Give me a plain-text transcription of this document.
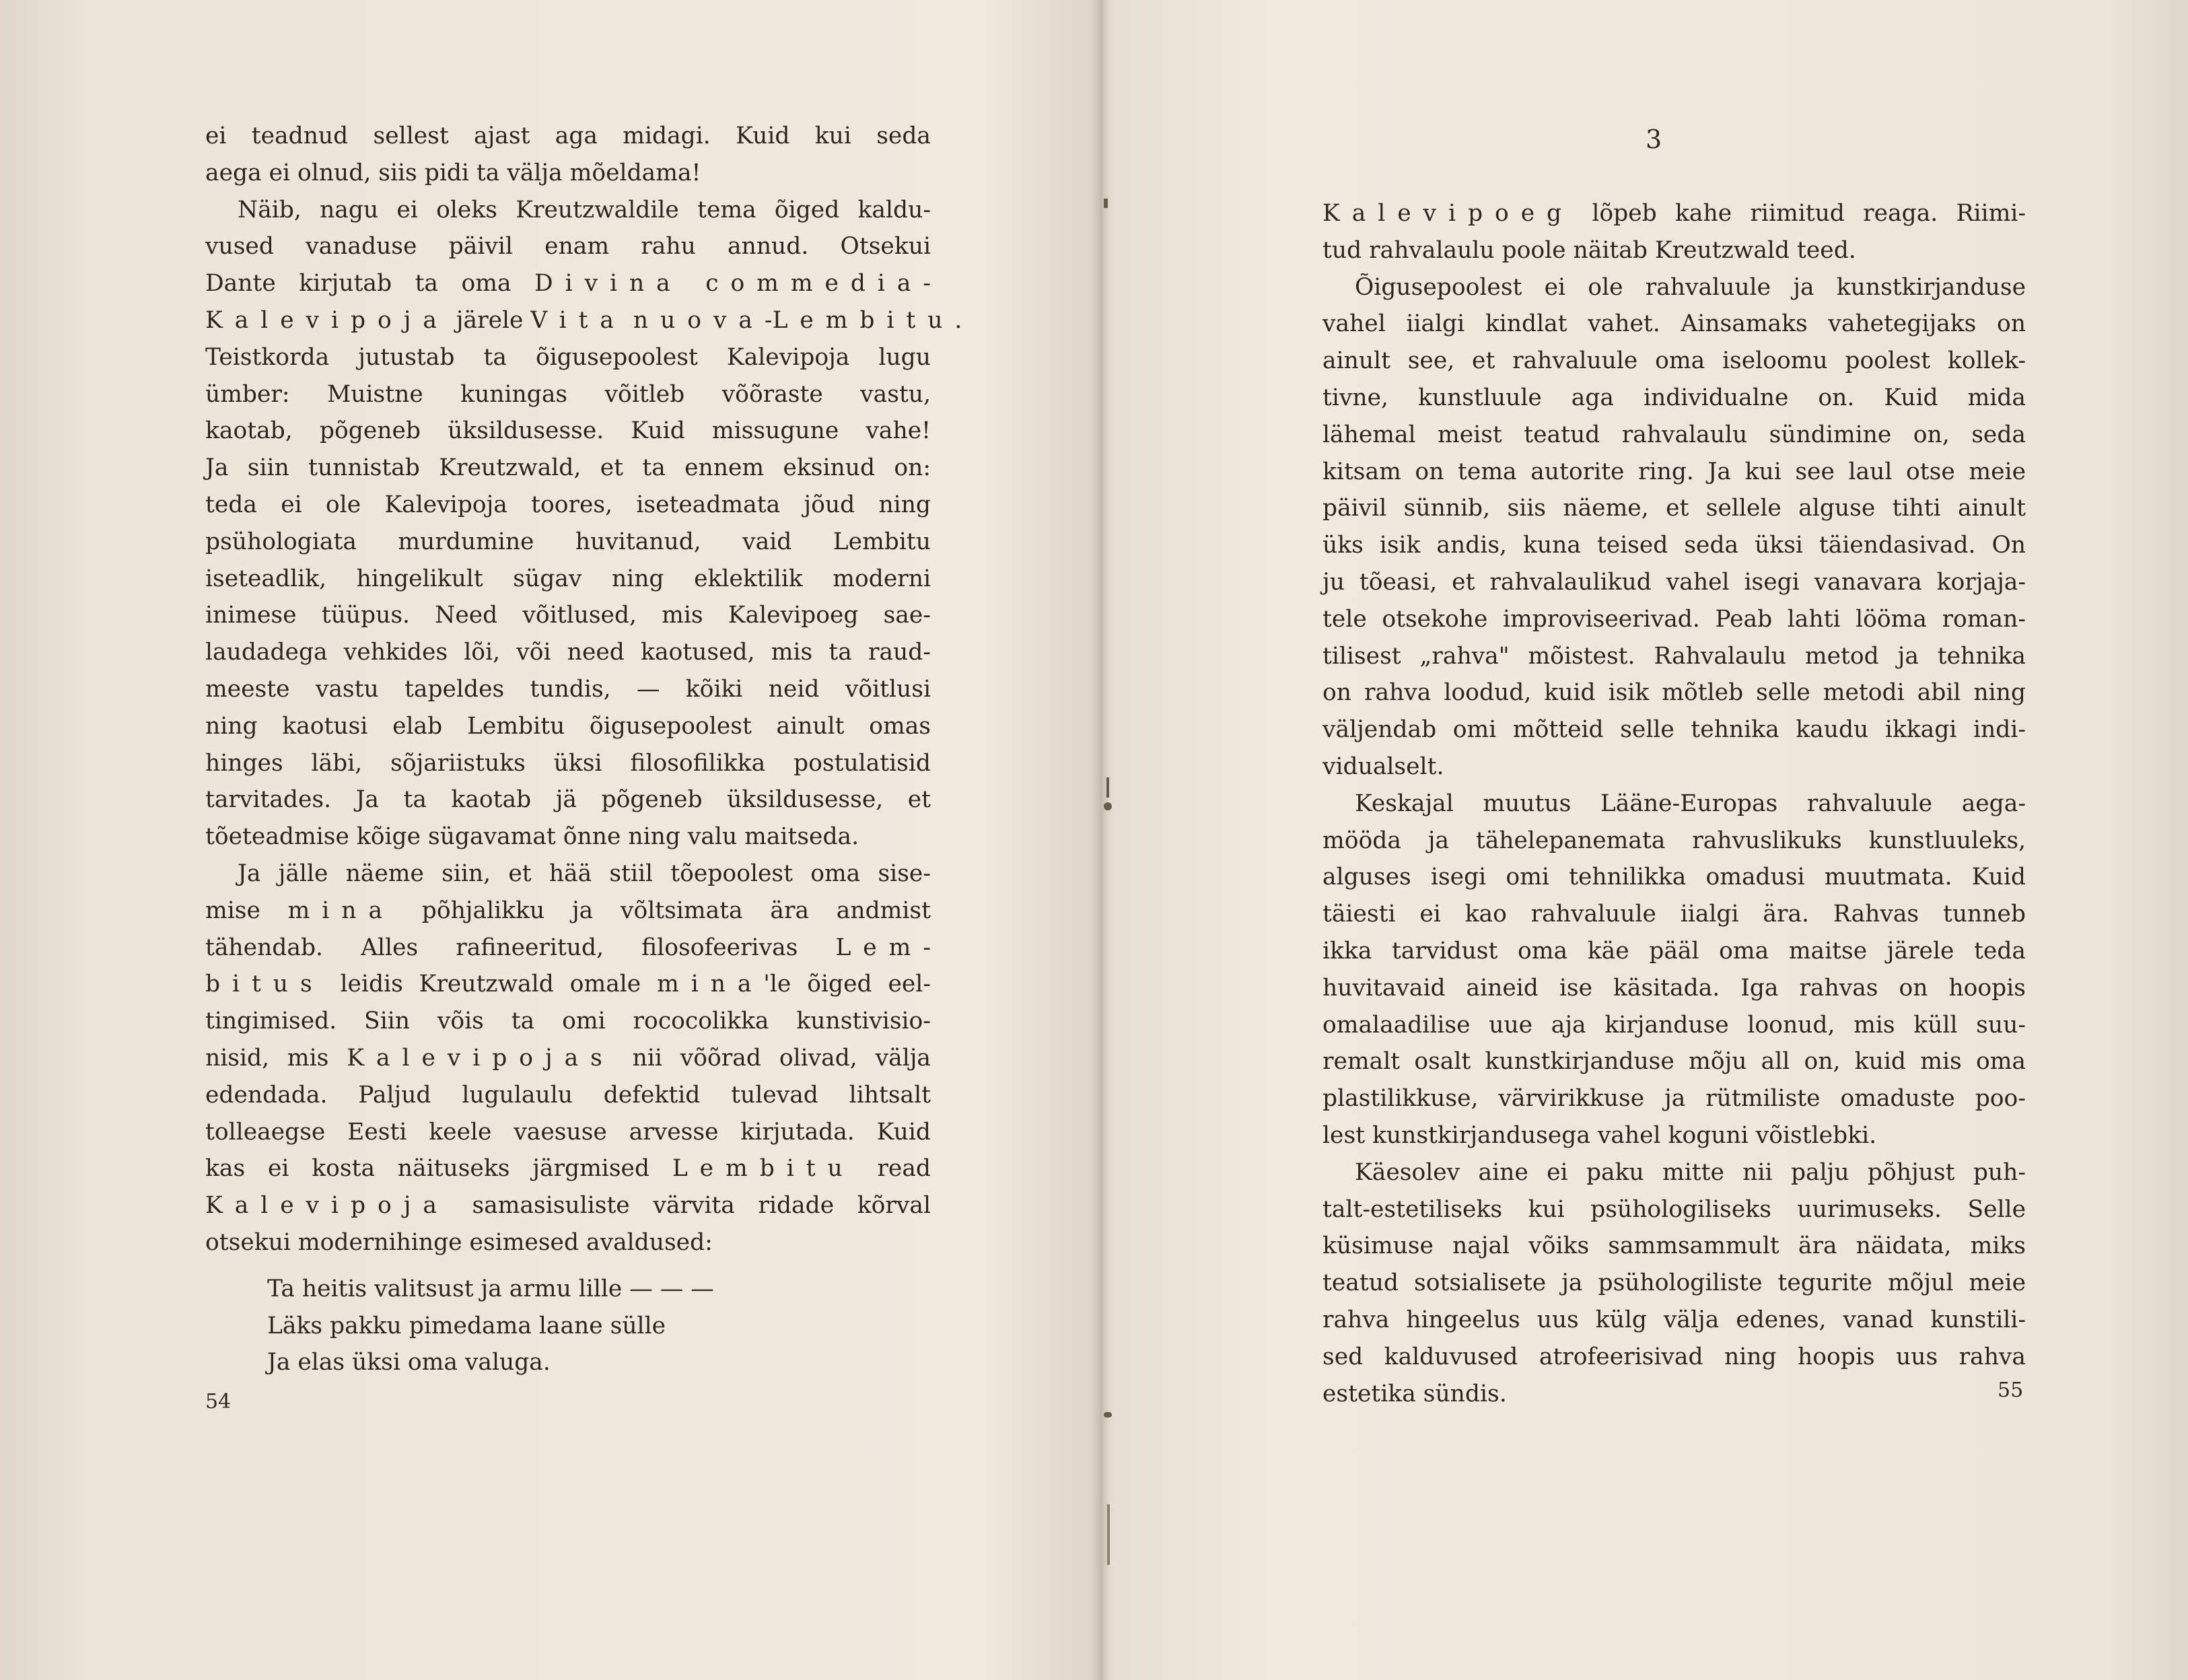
ei teadnud sellest ajast aga midagi. Kuid kui seda
aega ei olnud, siis pidi ta välja mõeldama!
Näib, nagu ei oleks Kreutzwaldile tema õiged kaldu-
vused vanaduse päivil enam rahu annud. Otsekui
Dante kirjutab ta oma Divina commedia-
Kalevipoja järele Vita nuova-Lembitu.
Teistkorda jutustab ta õigusepoolest Kalevipoja lugu
ümber: Muistne kuningas võitleb võõraste vastu,
kaotab, põgeneb üksildusesse. Kuid missugune vahe!
Ja siin tunnistab Kreutzwald, et ta ennem eksinud on:
teda ei ole Kalevipoja toores, iseteadmata jõud ning
psühologiata murdumine huvitanud, vaid Lembitu
iseteadlik, hingelikult sügav ning eklektilik moderni
inimese tüüpus. Need võitlused, mis Kalevipoeg sae-
laudadega vehkides lõi, või need kaotused, mis ta raud-
meeste vastu tapeldes tundis, — kõiki neid võitlusi
ning kaotusi elab Lembitu õigusepoolest ainult omas
hinges läbi, sõjariistuks üksi filosofilikka postulatisid
tarvitades. Ja ta kaotab jä põgeneb üksildusesse, et
tõeteadmise kõige sügavamat õnne ning valu maitseda.
Ja jälle näeme siin, et hää stiil tõepoolest oma sise-
mise mina põhjalikku ja võltsimata ära andmist
tähendab. Alles rafineeritud, filosofeerivas Lem-
bitus leidis Kreutzwald omale mina'le õiged eel-
tingimised. Siin võis ta omi rococolikka kunstivisio-
nisid, mis Kalevipojas nii võõrad olivad, välja
edendada. Paljud lugulaulu defektid tulevad lihtsalt
tolleaegse Eesti keele vaesuse arvesse kirjutada. Kuid
kas ei kosta näituseks järgmised Lembitu read
Kalevipoja samasisuliste värvita ridade kõrval
otsekui modernihinge esimesed avaldused:
Ta heitis valitsust ja armu lille — — —
Läks pakku pimedama laane sülle
Ja elas üksi oma valuga.
54
Kalevipoeg lõpeb kahe riimitud reaga. Riimi-
tud rahvalaulu poole näitab Kreutzwald teed.
Õigusepoolest ei ole rahvaluule ja kunstkirjanduse
vahel iialgi kindlat vahet. Ainsamaks vahetegijaks on
ainult see, et rahvaluule oma iseloomu poolest kollek-
tivne, kunstluule aga individualne on. Kuid mida
lähemal meist teatud rahvalaulu sündimine on, seda
kitsam on tema autorite ring. Ja kui see laul otse meie
päivil sünnib, siis näeme, et sellele alguse tihti ainult
üks isik andis, kuna teised seda üksi täiendasivad. On
ju tõeasi, et rahvalaulikud vahel isegi vanavara korjaja-
tele otsekohe improviseerivad. Peab lahti lööma roman-
tilisest „rahva" mõistest. Rahvalaulu metod ja tehnika
on rahva loodud, kuid isik mõtleb selle metodi abil ning
väljendab omi mõtteid selle tehnika kaudu ikkagi indi-
vidualselt.
Keskajal muutus Lääne-Europas rahvaluule aega-
mööda ja tähelepanemata rahvuslikuks kunstluuleks,
alguses isegi omi tehnilikka omadusi muutmata. Kuid
täiesti ei kao rahvaluule iialgi ära. Rahvas tunneb
ikka tarvidust oma käe pääl oma maitse järele teda
huvitavaid aineid ise käsitada. Iga rahvas on hoopis
omalaadilise uue aja kirjanduse loonud, mis küll suu-
remalt osalt kunstkirjanduse mõju all on, kuid mis oma
plastilikkuse, värvirikkuse ja rütmiliste omaduste poo-
lest kunstkirjandusega vahel koguni võistlebki.
Käesolev aine ei paku mitte nii palju põhjust puh-
talt-estetiliseks kui psühologiliseks uurimuseks. Selle
küsimuse najal võiks sammsammult ära näidata, miks
teatud sotsialisete ja psühologiliste tegurite mõjul meie
rahva hingeelus uus külg välja edenes, vanad kunstili-
sed kalduvused atrofeerisivad ning hoopis uus rahva
estetika sündis.
3
55
